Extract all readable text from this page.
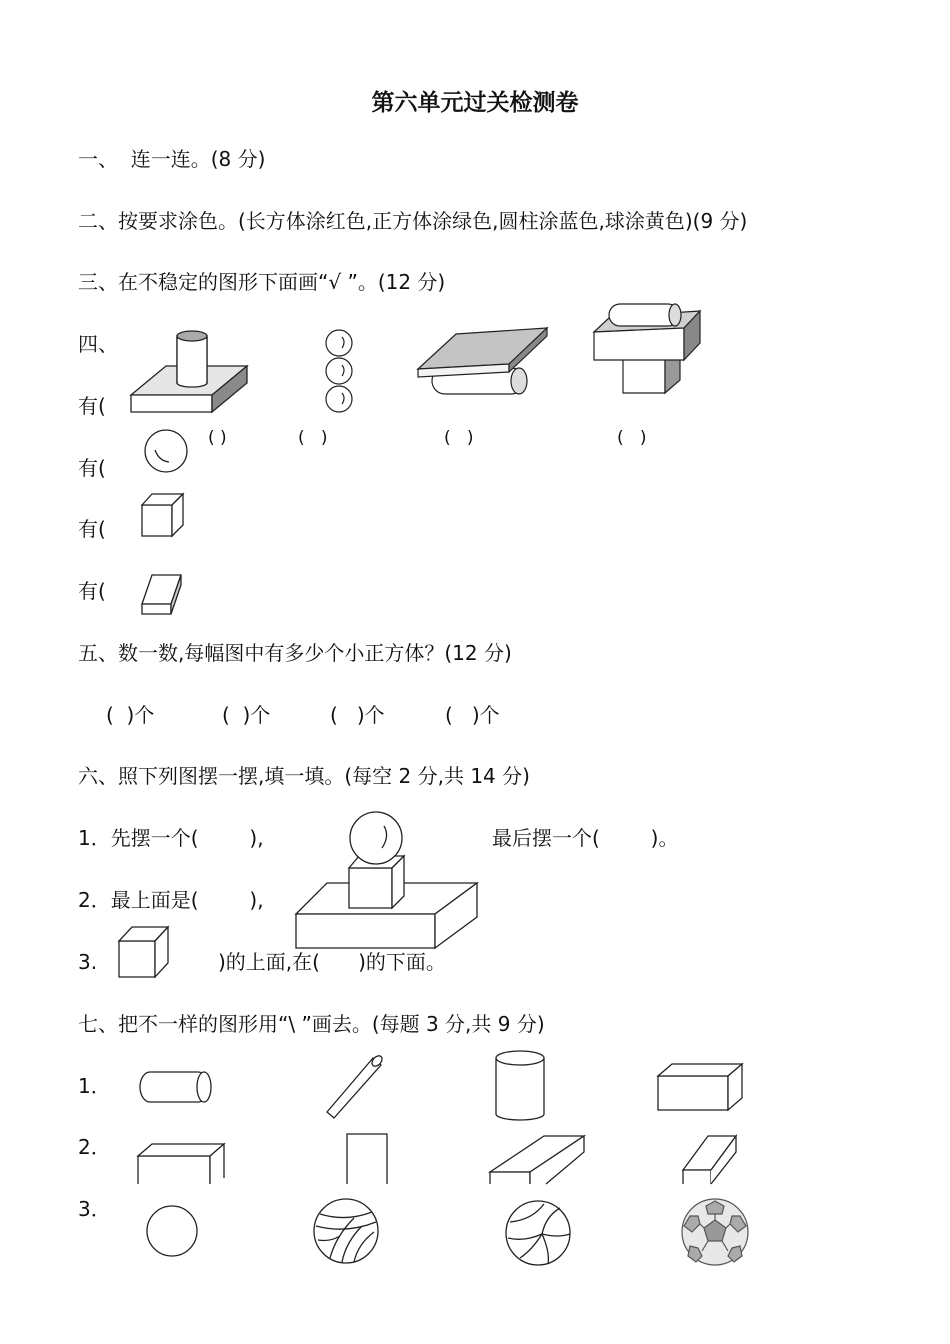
第六单元过关检测卷
一、  连一连。(8 分)
二、按要求涂色。(长方体涂红色,正方体涂绿色,圆柱涂蓝色,球涂黄色)(9 分)
三、在不稳定的图形下面画“√ ”。(12 分)
( )	(   )	(   )	(   )
四、
有(
有(
有(
有(
五、数一数,每幅图中有多少个小正方体？(12 分)
(  )个	(  )个	(   )个	(   )个
六、照下列图摆一摆,填一填。(每空 2 分,共 14 分)
1．先摆一个(        ),	最后摆一个(        )。
2．最上面是(        ),
3.	)的上面,在(      )的下面。
七、把不一样的图形用“\ ”画去。(每题 3 分,共 9 分)
1．
2．
3．
